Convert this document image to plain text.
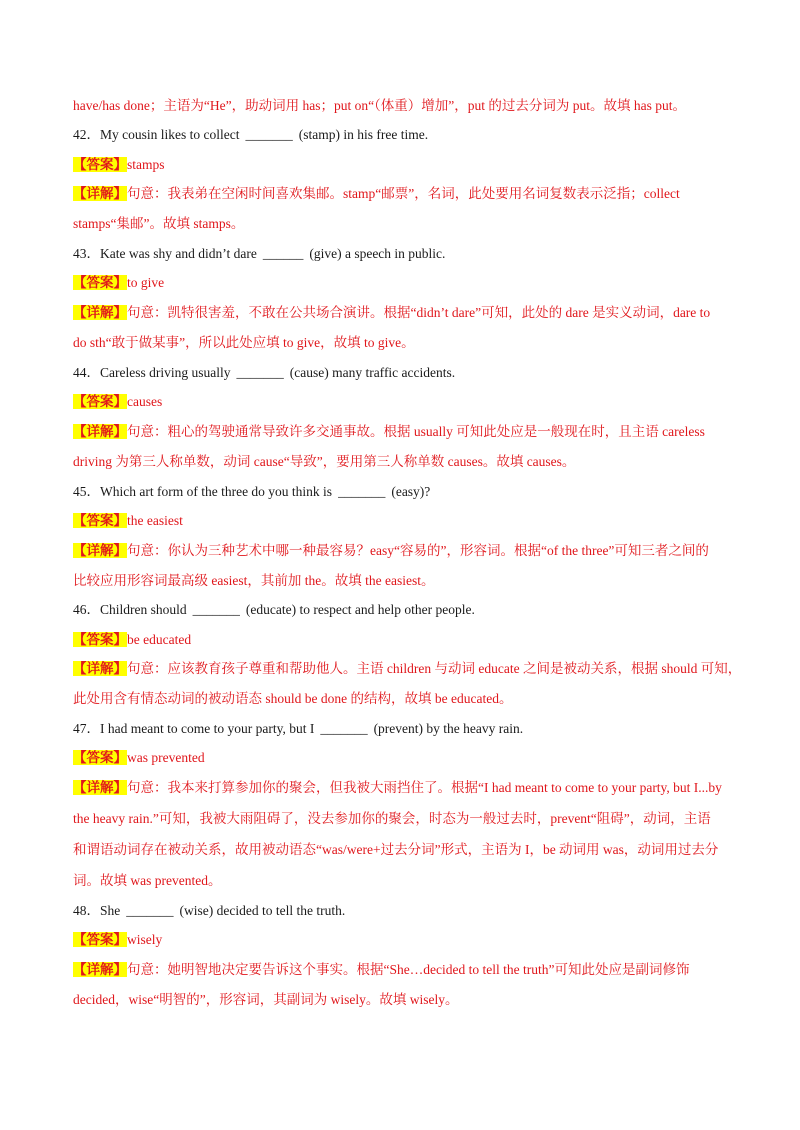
have/has done；主语为“He”，助动词用 has；put on“（体重）增加”，put 的过去分词为 put。故填 has put。
42．My cousin likes to collect _______ (stamp) in his free time.
【答案】stamps
【详解】句意：我表弟在空闲时间喜欢集邮。stamp“邮票”，名词，此处要用名词复数表示泛指；collect
stamps“集邮”。故填 stamps。
43．Kate was shy and didn’t dare ______ (give) a speech in public.
【答案】to give
【详解】句意：凯特很害羞，不敢在公共场合演讲。根据“didn’t dare”可知，此处的 dare 是实义动词，dare to
do sth“敢于做某事”，所以此处应填 to give，故填 to give。
44．Careless driving usually _______ (cause) many traffic accidents.
【答案】causes
【详解】句意：粗心的驾驶通常导致许多交通事故。根据 usually 可知此处应是一般现在时，且主语 careless
driving 为第三人称单数，动词 cause“导致”，要用第三人称单数 causes。故填 causes。
45．Which art form of the three do you think is _______ (easy)?
【答案】the easiest
【详解】句意：你认为三种艺术中哪一种最容易？easy“容易的”，形容词。根据“of the three”可知三者之间的
比较应用形容词最高级 easiest，其前加 the。故填 the easiest。
46．Children should _______ (educate) to respect and help other people.
【答案】be educated
【详解】句意：应该教育孩子尊重和帮助他人。主语 children 与动词 educate 之间是被动关系，根据 should 可知，
此处用含有情态动词的被动语态 should be done 的结构，故填 be educated。
47．I had meant to come to your party, but I _______ (prevent) by the heavy rain.
【答案】was prevented
【详解】句意：我本来打算参加你的聚会，但我被大雨挡住了。根据“I had meant to come to your party, but I...by
the heavy rain.”可知，我被大雨阻碍了，没去参加你的聚会，时态为一般过去时，prevent“阻碍”，动词，主语
和谓语动词存在被动关系，故用被动语态“was/were+过去分词”形式，主语为 I，be 动词用 was，动词用过去分
词。故填 was prevented。
48．She _______ (wise) decided to tell the truth.
【答案】wisely
【详解】句意：她明智地决定要告诉这个事实。根据“She…decided to tell the truth”可知此处应是副词修饰
decided，wise“明智的”，形容词，其副词为 wisely。故填 wisely。
